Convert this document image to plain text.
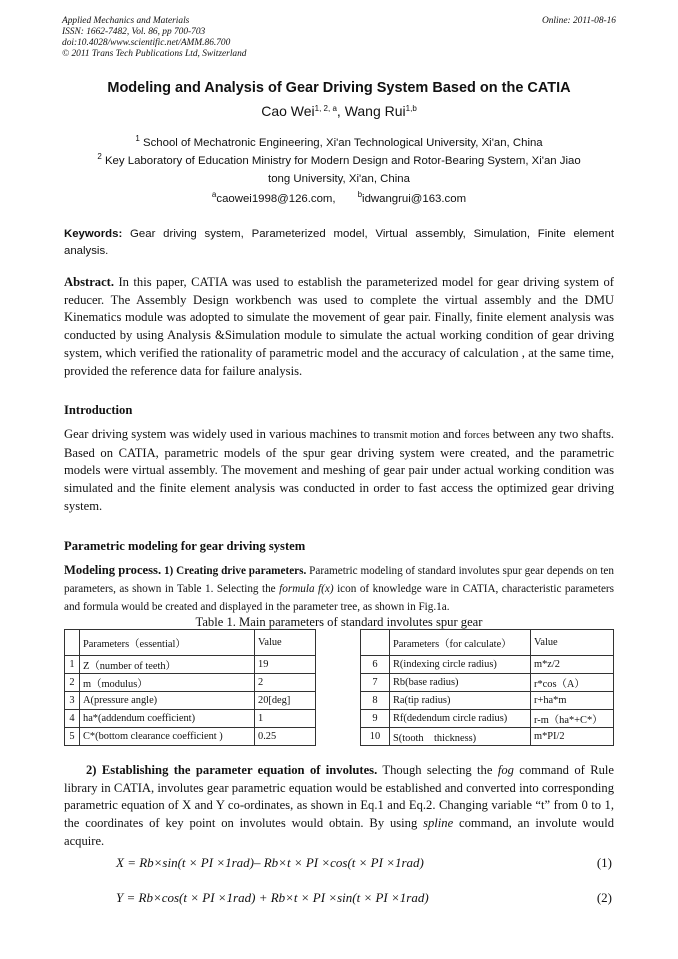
Applied Mechanics and Materials
ISSN: 1662-7482, Vol. 86, pp 700-703
doi:10.4028/www.scientific.net/AMM.86.700
© 2011 Trans Tech Publications Ltd, Switzerland
Online: 2011-08-16
Modeling and Analysis of Gear Driving System Based on the CATIA
Cao Wei$^{1, 2, a}$, Wang Rui$^{1,b}$
$^1$ School of Mechatronic Engineering, Xi'an Technological University, Xi'an, China
$^2$ Key Laboratory of Education Ministry for Modern Design and Rotor-Bearing System, Xi'an Jiao
tong University, Xi'an, China
$^a$caowei1998@126.com,	$^b$idwangrui@163.com
Keywords: Gear driving system, Parameterized model, Virtual assembly, Simulation, Finite element analysis.
Abstract. In this paper, CATIA was used to establish the parameterized model for gear driving system of reducer. The Assembly Design workbench was used to complete the virtual assembly and the DMU Kinematics module was adopted to simulate the movement of gear pair. Finally, finite element analysis was conducted by using Analysis &Simulation module to simulate the actual working condition of gear driving system, which verified the rationality of parametric model and the accuracy of calculation , at the same time, provided the reference data for failure analysis.
Introduction
Gear driving system was widely used in various machines to transmit motion and forces between any two shafts. Based on CATIA, parametric models of the spur gear driving system were created, and the parametric models were virtual assembly. The movement and meshing of gear pair under actual working condition was simulated and the finite element analysis was conducted in order to fast access the optimized gear driving system.
Parametric modeling for gear driving system
Modeling process. 1) Creating drive parameters. Parametric modeling of standard involutes spur gear depends on ten parameters, as shown in Table 1. Selecting the formula f(x) icon of knowledge ware in CATIA, characteristic parameters and formula would be created and displayed in the parameter tree, as shown in Fig.1a.
Table 1. Main parameters of standard involutes spur gear
	Parameters（essential）	Value			Parameters（for calculate）	Value
1	Z（number of teeth）	19		6	R(indexing circle radius)	m*z/2
2	m（modulus）	2		7	Rb(base radius)	r*cos（A）
3	A(pressure angle)	20[deg]		8	Ra(tip radius)	r+ha*m
4	ha*(addendum coefficient)	1		9	Rf(dedendum circle radius)	r-m（ha*+C*）
5	C*(bottom clearance coefficient )	0.25		10	S(tooth　thickness)	m*PI/2
2) Establishing the parameter equation of involutes. Though selecting the fog command of Rule library in CATIA, involutes gear parametric equation would be established and converted into corresponding parametric equation of X and Y co-ordinates, as shown in Eq.1 and Eq.2. Changing variable “t” from 0 to 1, the coordinates of key point on involutes would obtain. By using spline command, an involute would acquire.
X = Rb×sin(t × PI ×1rad)– Rb×t × PI ×cos(t × PI ×1rad)	(1)
Y = Rb×cos(t × PI ×1rad) + Rb×t × PI ×sin(t × PI ×1rad)	(2)
